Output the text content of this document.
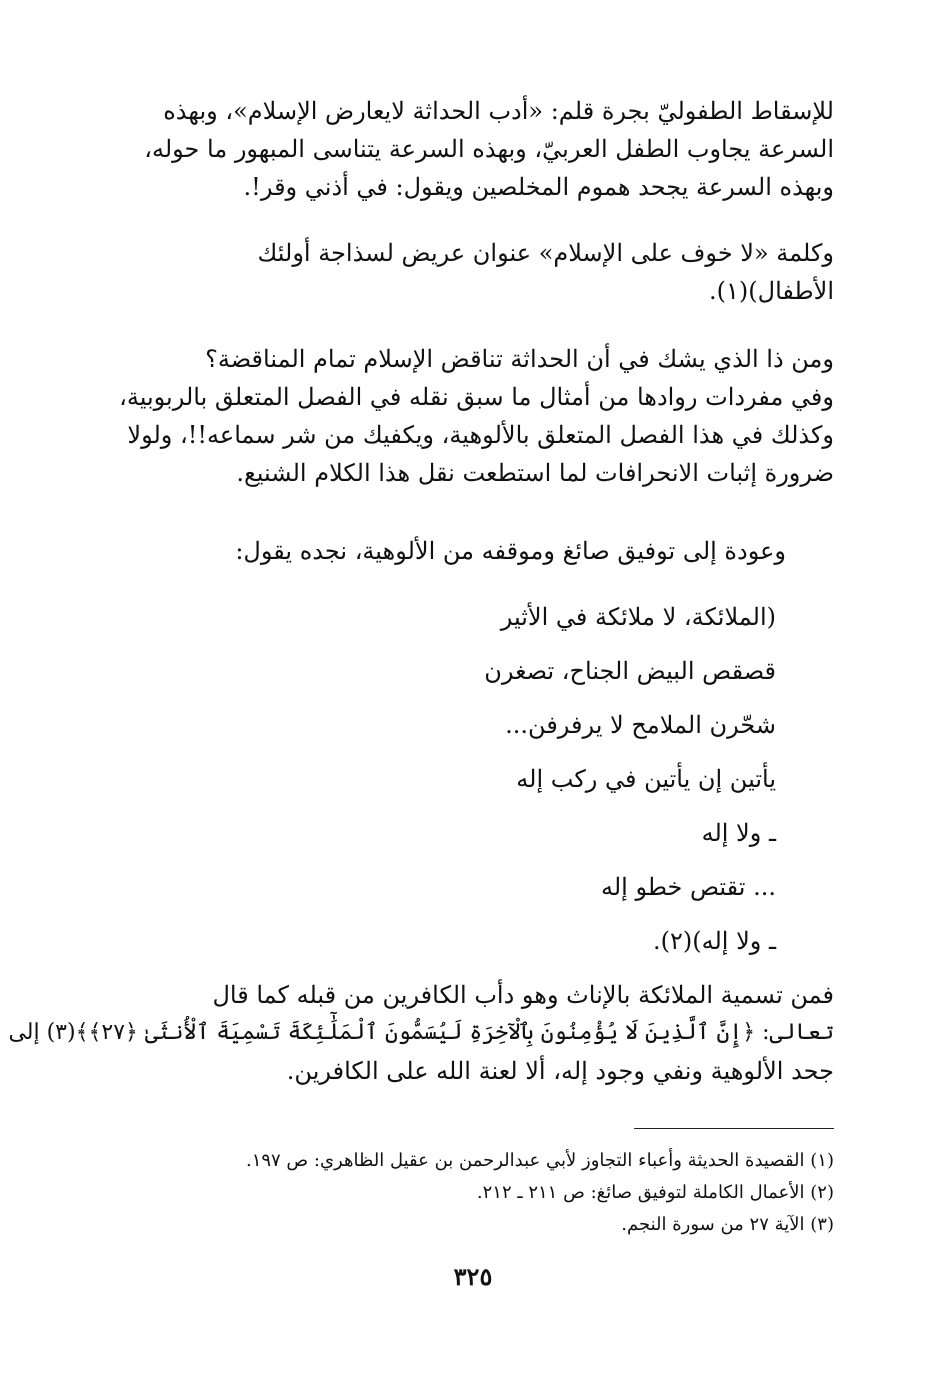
للإسقاط الطفوليّ بجرة قلم: «أدب الحداثة لايعارض الإسلام»، وبهذه
السرعة يجاوب الطفل العربيّ، وبهذه السرعة يتناسى المبهور ما حوله،
وبهذه السرعة يجحد هموم المخلصين ويقول: في أذني وقر!.
وكلمة «لا خوف على الإسلام» عنوان عريض لسذاجة أولئك
الأطفال)(١).
ومن ذا الذي يشك في أن الحداثة تناقض الإسلام تمام المناقضة؟
وفي مفردات روادها من أمثال ما سبق نقله في الفصل المتعلق بالربوبية،
وكذلك في هذا الفصل المتعلق بالألوهية، ويكفيك من شر سماعه!!، ولولا
ضرورة إثبات الانحرافات لما استطعت نقل هذا الكلام الشنيع.
وعودة إلى توفيق صائغ وموقفه من الألوهية، نجده يقول:
(الملائكة، لا ملائكة في الأثير
قصقص البيض الجناح، تصغرن
شحّرن الملامح لا يرفرفن...
يأتين إن يأتين في ركب إله
ـ ولا إله
... تقتص خطو إله
ـ ولا إله)(٢).
فمن تسمية الملائكة بالإناث وهو دأب الكافرين من قبله كما قال
تعالى: ﴿إِنَّ ٱلَّذِينَ لَا يُؤْمِنُونَ بِٱلْآخِرَةِ لَيُسَمُّونَ ٱلْمَلَٰٓئِكَةَ تَسْمِيَةَ ٱلْأُنثَىٰ ﴿٢٧﴾﴾(٣) إلى
جحد الألوهية ونفي وجود إله، ألا لعنة الله على الكافرين.
(١) القصيدة الحديثة وأعباء التجاوز لأبي عبدالرحمن بن عقيل الظاهري: ص ١٩٧.
(٢) الأعمال الكاملة لتوفيق صائغ: ص ٢١١ ـ ٢١٢.
(٣) الآية ٢٧ من سورة النجم.
٣٢٥
